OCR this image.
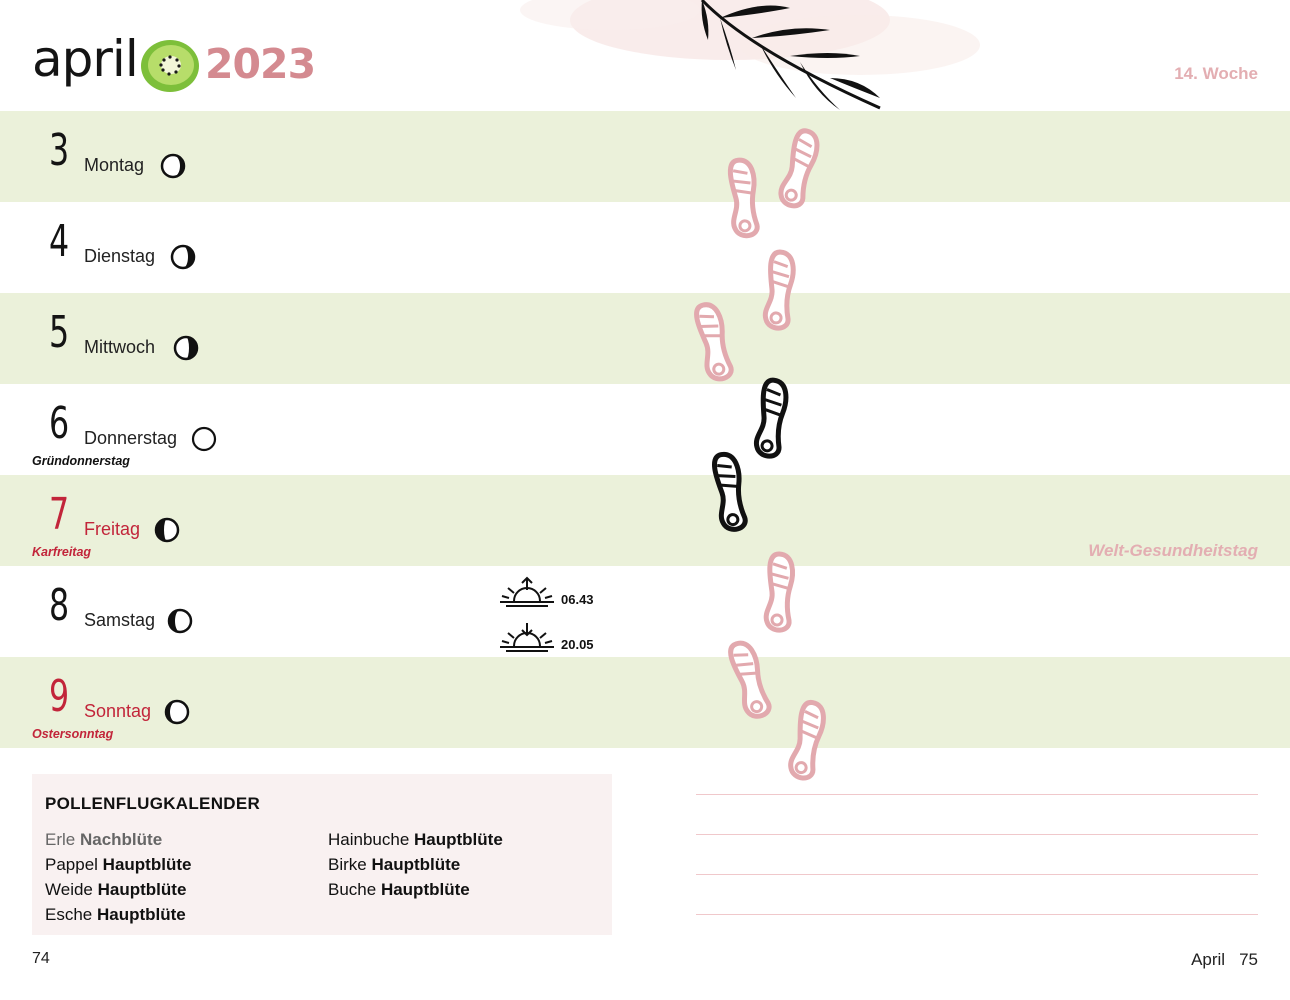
april 2023	14. Woche
3 Montag
4 Dienstag
5 Mittwoch
6 Donnerstag
Gründonnerstag
7 Freitag
Karfreitag	Welt-Gesundheitstag
8 Samstag
9 Sonntag
Ostersonntag
06.43
20.05
POLLENFLUGKALENDER
Erle Nachblüte
Pappel Hauptblüte
Weide Hauptblüte
Esche Hauptblüte
Hainbuche Hauptblüte
Birke Hauptblüte
Buche Hauptblüte
74	April 75
